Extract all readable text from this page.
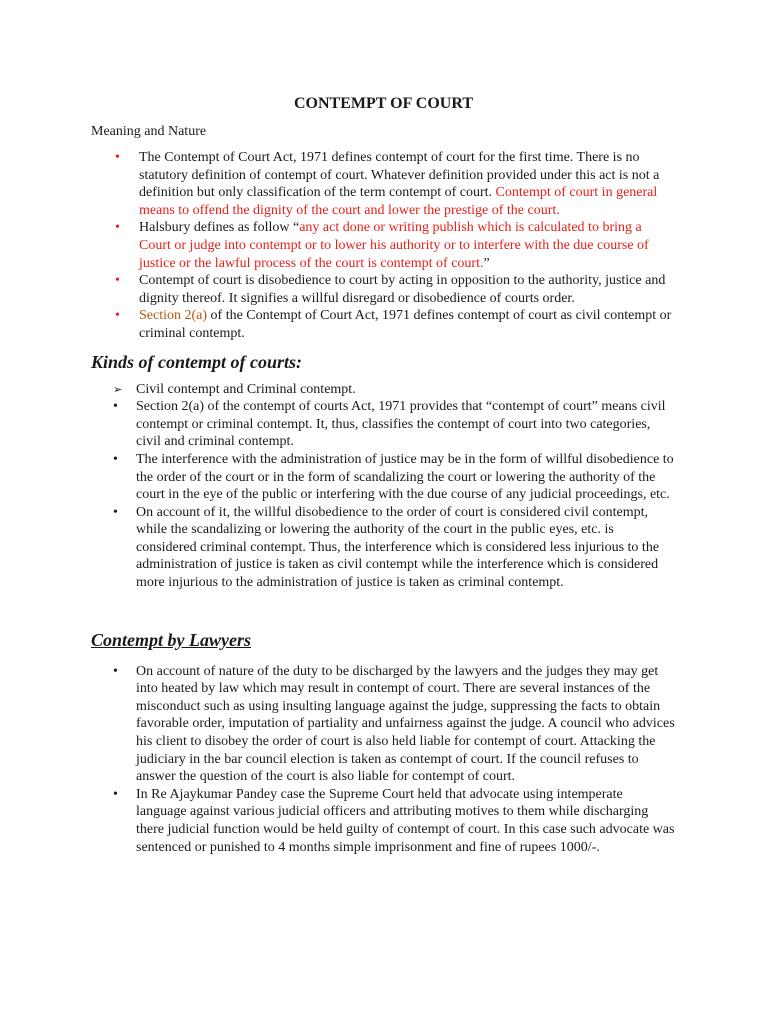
CONTEMPT OF COURT
Meaning and Nature
• The Contempt of Court Act, 1971 defines contempt of court for the first time. There is no statutory definition of contempt of court. Whatever definition provided under this act is not a definition but only classification of the term contempt of court. Contempt of court in general means to offend the dignity of the court and lower the prestige of the court.
• Halsbury defines as follow “any act done or writing publish which is calculated to bring a Court or judge into contempt or to lower his authority or to interfere with the due course of justice or the lawful process of the court is contempt of court.”
• Contempt of court is disobedience to court by acting in opposition to the authority, justice and dignity thereof. It signifies a willful disregard or disobedience of courts order.
• Section 2(a) of the Contempt of Court Act, 1971 defines contempt of court as civil contempt or criminal contempt.
Kinds of contempt of courts:
➢ Civil contempt and Criminal contempt.
• Section 2(a) of the contempt of courts Act, 1971 provides that “contempt of court” means civil contempt or criminal contempt. It, thus, classifies the contempt of court into two categories, civil and criminal contempt.
• The interference with the administration of justice may be in the form of willful disobedience to the order of the court or in the form of scandalizing the court or lowering the authority of the court in the eye of the public or interfering with the due course of any judicial proceedings, etc.
• On account of it, the willful disobedience to the order of court is considered civil contempt, while the scandalizing or lowering the authority of the court in the public eyes, etc. is considered criminal contempt. Thus, the interference which is considered less injurious to the administration of justice is taken as civil contempt while the interference which is considered more injurious to the administration of justice is taken as criminal contempt.
Contempt by Lawyers
• On account of nature of the duty to be discharged by the lawyers and the judges they may get into heated by law which may result in contempt of court. There are several instances of the misconduct such as using insulting language against the judge, suppressing the facts to obtain favorable order, imputation of partiality and unfairness against the judge. A council who advices his client to disobey the order of court is also held liable for contempt of court. Attacking the judiciary in the bar council election is taken as contempt of court. If the council refuses to answer the question of the court is also liable for contempt of court.
• In Re Ajaykumar Pandey case the Supreme Court held that advocate using intemperate language against various judicial officers and attributing motives to them while discharging there judicial function would be held guilty of contempt of court. In this case such advocate was sentenced or punished to 4 months simple imprisonment and fine of rupees 1000/-.
